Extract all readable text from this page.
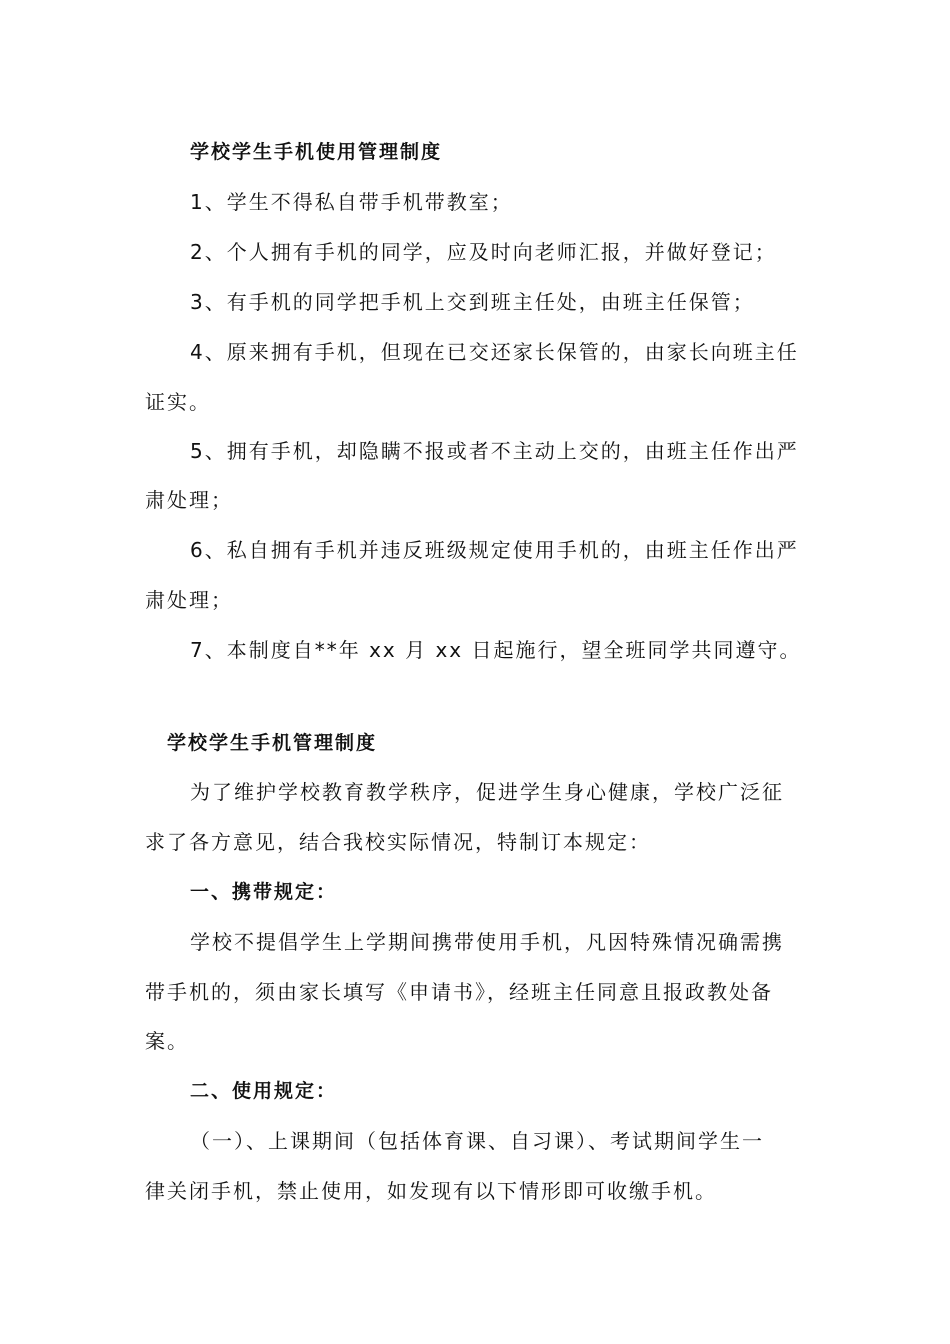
学校学生手机使用管理制度
1、学生不得私自带手机带教室；
2、个人拥有手机的同学，应及时向老师汇报，并做好登记；
3、有手机的同学把手机上交到班主任处，由班主任保管；
4、原来拥有手机，但现在已交还家长保管的，由家长向班主任
证实。
5、拥有手机，却隐瞒不报或者不主动上交的，由班主任作出严
肃处理；
6、私自拥有手机并违反班级规定使用手机的，由班主任作出严
肃处理；
7、本制度自**年 xx 月 xx 日起施行，望全班同学共同遵守。
学校学生手机管理制度
为了维护学校教育教学秩序，促进学生身心健康，学校广泛征
求了各方意见，结合我校实际情况，特制订本规定：
一、携带规定：
学校不提倡学生上学期间携带使用手机，凡因特殊情况确需携
带手机的，须由家长填写《申请书》，经班主任同意且报政教处备
案。
二、使用规定：
（一）、上课期间（包括体育课、自习课）、考试期间学生一
律关闭手机，禁止使用，如发现有以下情形即可收缴手机。
